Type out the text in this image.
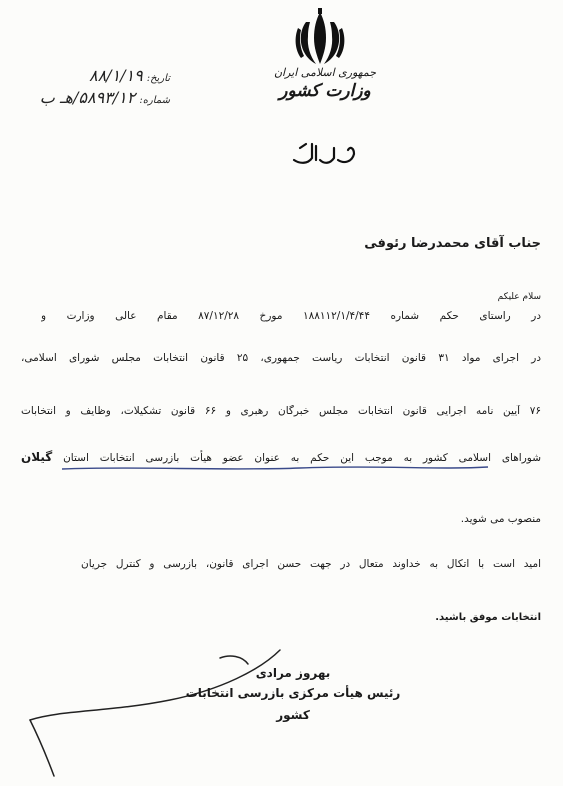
جمهوری اسلامی ایران
وزارت کشور
تاریخ:
۸۸/۱/۱۹
شماره:
۵۸۹۳/۱۲/هـ ب
جناب آقای محمدرضا رئوفی
سلام علیکم
در راستای حکم شماره ۱۸۸۱۱۲/۱/۴/۴۴ مورخ ۸۷/۱۲/۲۸ مقام عالی وزارت و
در اجرای مواد ۳۱ قانون انتخابات ریاست جمهوری، ۲۵ قانون انتخابات مجلس شورای اسلامی،
۷۶ آیین نامه اجرایی قانون انتخابات مجلس خبرگان رهبری و ۶۶ قانون تشکیلات، وظایف و انتخابات
شوراهای اسلامی کشور به موجب این حکم به عنوان عضو هیأت بازرسی انتخابات استان گیلان
منصوب می شوید.
امید است با اتکال به خداوند متعال در جهت حسن اجرای قانون، بازرسی و کنترل جریان
انتخابات موفق باشید.
بهروز مرادی
رئیس هیأت مرکزی بازرسی انتخابات کشور
